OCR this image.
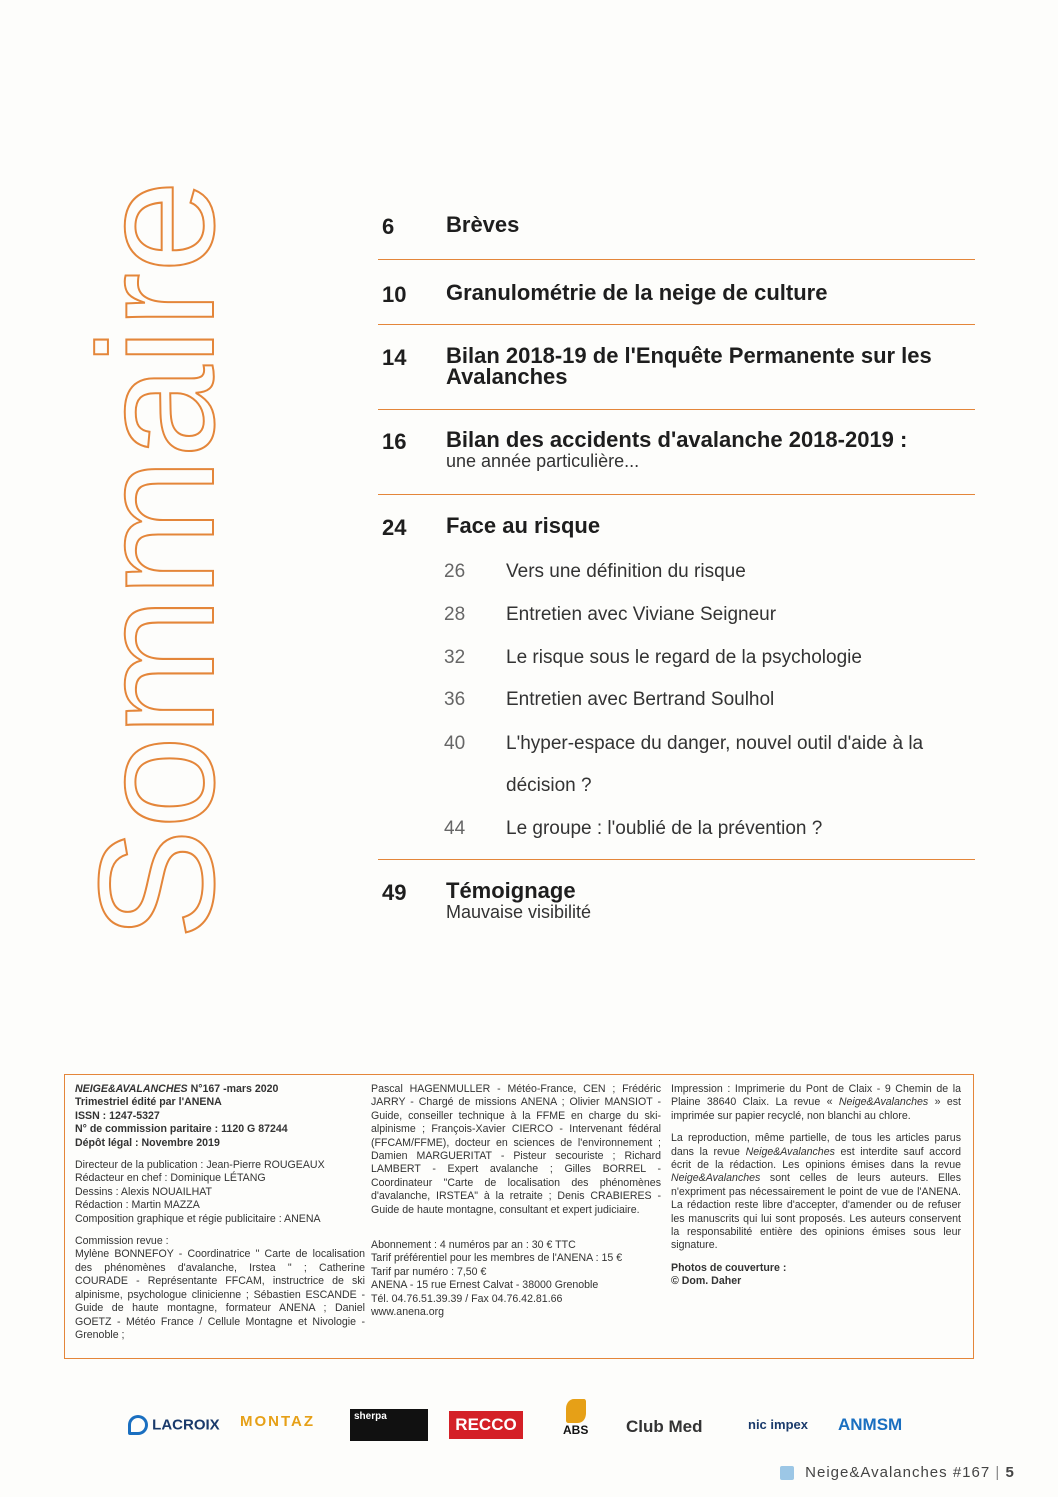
Sommaire	6 Brèves
10 Granulométrie de la neige de culture
14 Bilan 2018-19 de l'Enquête Permanente sur les Avalanches
16 Bilan des accidents d'avalanche 2018-2019 :
une année particulière...
24 Face au risque
26 Vers une définition du risque
28 Entretien avec Viviane Seigneur
32 Le risque sous le regard de la psychologie
36 Entretien avec Bertrand Soulhol
40 L'hyper-espace du danger, nouvel outil d'aide à la
décision ?
44 Le groupe : l'oublié de la prévention ?
49 Témoignage
Mauvaise visibilité

NEIGE&AVALANCHES N°167 -mars 2020

Trimestriel édité par l'ANENA
ISSN : 1247-5327
N° de commission paritaire : 1120 G 87244
Dépôt légal : Novembre 2019
Directeur de la publication : Jean-Pierre ROUGEAUX
Rédacteur en chef : Dominique LÉTANG
Dessins : Alexis NOUAILHAT
Rédaction : Martin MAZZA
Composition graphique et régie publicitaire : ANENA
Commission revue :
Mylène BONNEFOY - Coordinatrice " Carte de localisation des phénomènes d'avalanche, Irstea " ; Catherine COURADE - Représentante FFCAM, instructrice de ski alpinisme, psychologue clinicienne ; Sébastien ESCANDE - Guide de haute montagne, formateur ANENA ; Daniel GOETZ - Météo France / Cellule Montagne et Nivologie - Grenoble ;

Pascal HAGENMULLER - Météo-France, CEN ; Frédéric JARRY - Chargé de missions ANENA ; Olivier MANSIOT - Guide, conseiller technique à la FFME en charge du ski-alpinisme ; François-Xavier CIERCO - Intervenant fédéral (FFCAM/FFME), docteur en sciences de l'environnement ; Damien MARGUERITAT - Pisteur secouriste ; Richard LAMBERT - Expert avalanche ; Gilles BORREL - Coordinateur "Carte de localisation des phénomènes d'avalanche, IRSTEA" à la retraite ; Denis CRABIERES - Guide de haute montagne, consultant et expert judiciaire.

Abonnement : 4 numéros par an : 30 € TTC
Tarif préférentiel pour les membres de l'ANENA : 15 €
Tarif par numéro : 7,50 €
ANENA - 15 rue Ernest Calvat - 38000 Grenoble
Tél. 04.76.51.39.39 / Fax 04.76.42.81.66
www.anena.org

Impression : Imprimerie du Pont de Claix - 9 Chemin de la Plaine 38640 Claix. La revue « Neige&Avalanches » est imprimée sur papier recyclé, non blanchi au chlore.

La reproduction, même partielle, de tous les articles parus dans la revue Neige&Avalanches est interdite sauf accord écrit de la rédaction. Les opinions émises dans la revue Neige&Avalanches sont celles de leurs auteurs. Elles n'expriment pas nécessairement le point de vue de l'ANENA. La rédaction reste libre d'accepter, d'amender ou de refuser les manuscrits qui lui sont proposés. Les auteurs conservent la responsabilité entière des opinions émises sous leur signature.

Photos de couverture :
© Dom. Daher
LACROIX MONTAZ	sherpa	RECCO	ABS Club Med	nic impex ANMSM
Neige&Avalanches #167 | 5
